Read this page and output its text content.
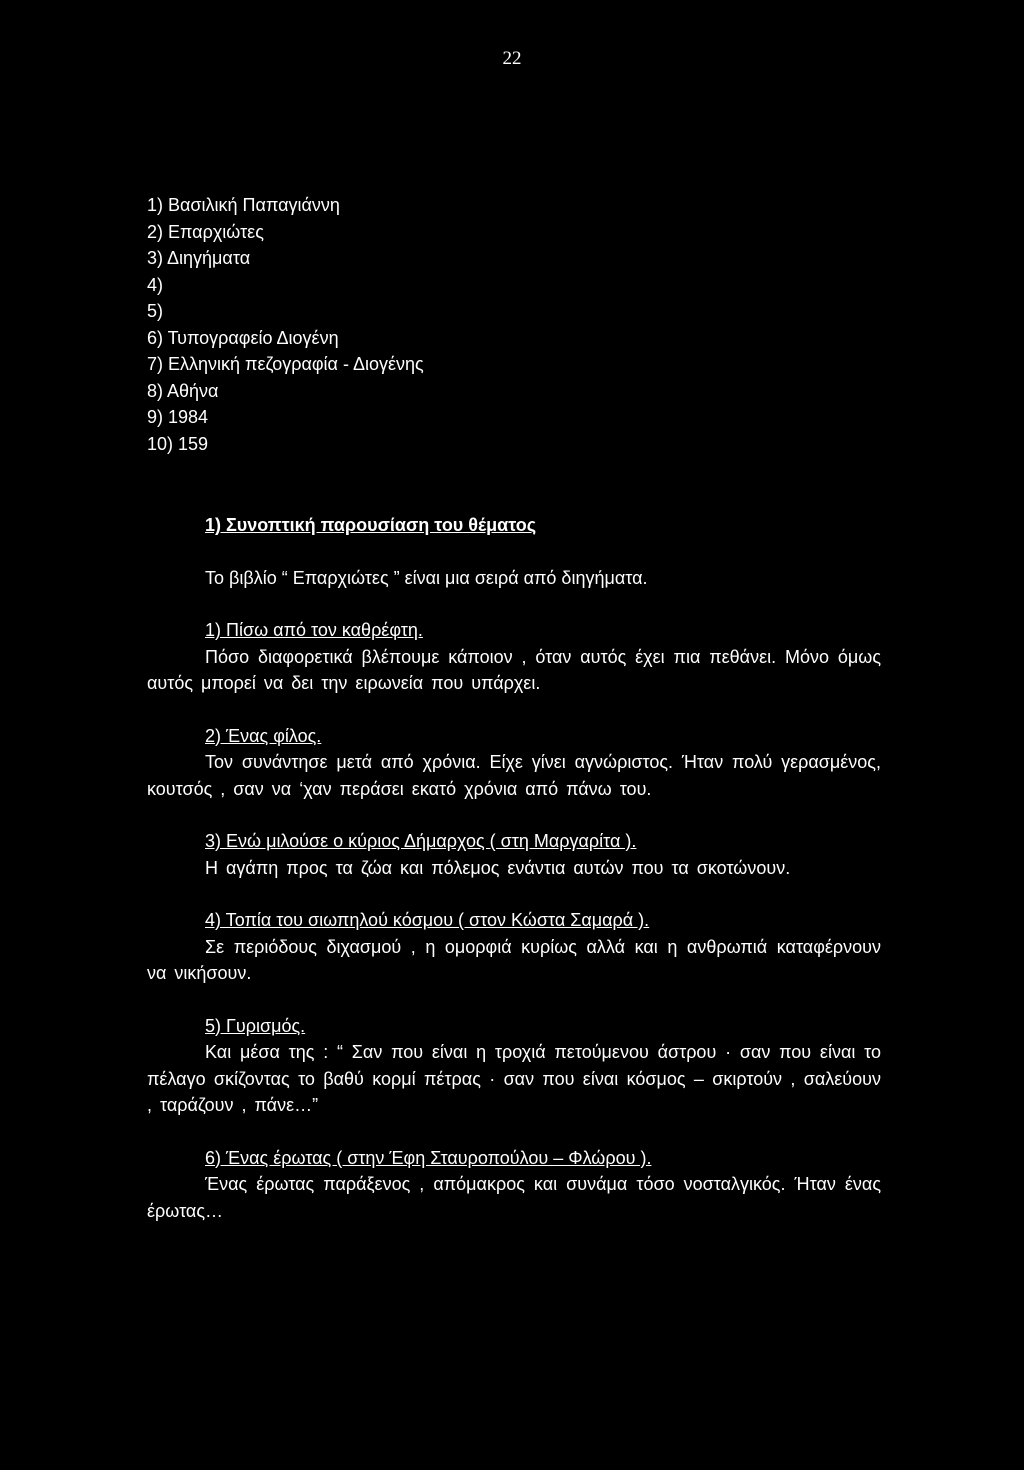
22
1) Βασιλική Παπαγιάννη
2) Επαρχιώτες
3) Διηγήματα
4)
5)
6) Τυπογραφείο Διογένη
7) Ελληνική πεζογραφία - Διογένης
8) Αθήνα
9) 1984
10) 159
1) Συνοπτική παρουσίαση του θέματος
Το βιβλίο “ Επαρχιώτες ” είναι μια σειρά από διηγήματα.
1) Πίσω από τον καθρέφτη.
Πόσο διαφορετικά βλέπουμε κάποιον , όταν αυτός έχει πια πεθάνει. Μόνο όμως αυτός μπορεί να δει την ειρωνεία που υπάρχει.
2) Ένας φίλος.
Τον συνάντησε μετά από χρόνια. Είχε γίνει αγνώριστος. Ήταν πολύ γερασμένος, κουτσός , σαν να ‘χαν περάσει εκατό χρόνια από πάνω του.
3) Ενώ μιλούσε ο κύριος Δήμαρχος ( στη Μαργαρίτα ).
Η αγάπη προς τα ζώα και πόλεμος ενάντια αυτών που τα σκοτώνουν.
4) Τοπία του σιωπηλού κόσμου ( στον Κώστα Σαμαρά ).
Σε περιόδους διχασμού , η ομορφιά κυρίως αλλά και η ανθρωπιά καταφέρνουν να νικήσουν.
5) Γυρισμός.
Και μέσα της : “ Σαν που είναι η τροχιά πετούμενου άστρου · σαν που είναι το πέλαγο σκίζοντας το βαθύ κορμί πέτρας · σαν που είναι κόσμος – σκιρτούν , σαλεύουν , ταράζουν , πάνε…”
6) Ένας έρωτας ( στην Έφη Σταυροπούλου – Φλώρου ).
Ένας έρωτας παράξενος , απόμακρος και συνάμα τόσο νοσταλγικός. Ήταν ένας έρωτας…
